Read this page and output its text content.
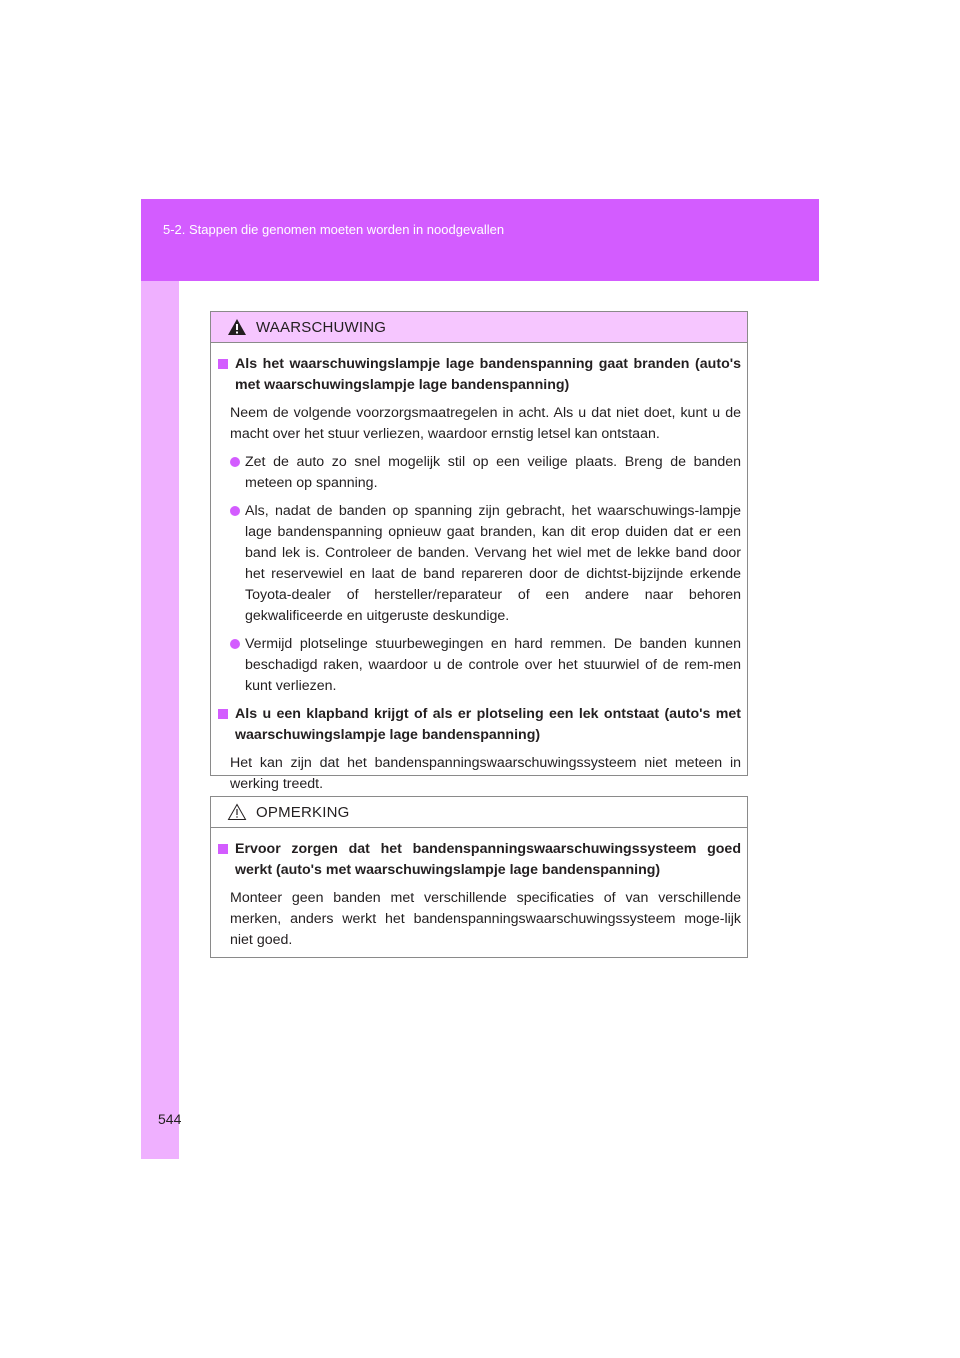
5-2. Stappen die genomen moeten worden in noodgevallen
544
WAARSCHUWING
Als het waarschuwingslampje lage bandenspanning gaat branden (auto's met waarschuwingslampje lage bandenspanning)
Neem de volgende voorzorgsmaatregelen in acht. Als u dat niet doet, kunt u de macht over het stuur verliezen, waardoor ernstig letsel kan ontstaan.
Zet de auto zo snel mogelijk stil op een veilige plaats. Breng de banden meteen op spanning.
Als, nadat de banden op spanning zijn gebracht, het waarschuwings-lampje lage bandenspanning opnieuw gaat branden, kan dit erop duiden dat er een band lek is. Controleer de banden. Vervang het wiel met de lekke band door het reservewiel en laat de band repareren door de dichtst-bijzijnde erkende Toyota-dealer of hersteller/reparateur of een andere naar behoren gekwalificeerde en uitgeruste deskundige.
Vermijd plotselinge stuurbewegingen en hard remmen. De banden kunnen beschadigd raken, waardoor u de controle over het stuurwiel of de rem-men kunt verliezen.
Als u een klapband krijgt of als er plotseling een lek ontstaat (auto's met waarschuwingslampje lage bandenspanning)
Het kan zijn dat het bandenspanningswaarschuwingssysteem niet meteen in werking treedt.
OPMERKING
Ervoor zorgen dat het bandenspanningswaarschuwingssysteem goed werkt (auto's met waarschuwingslampje lage bandenspanning)
Monteer geen banden met verschillende specificaties of van verschillende merken, anders werkt het bandenspanningswaarschuwingssysteem moge-lijk niet goed.
